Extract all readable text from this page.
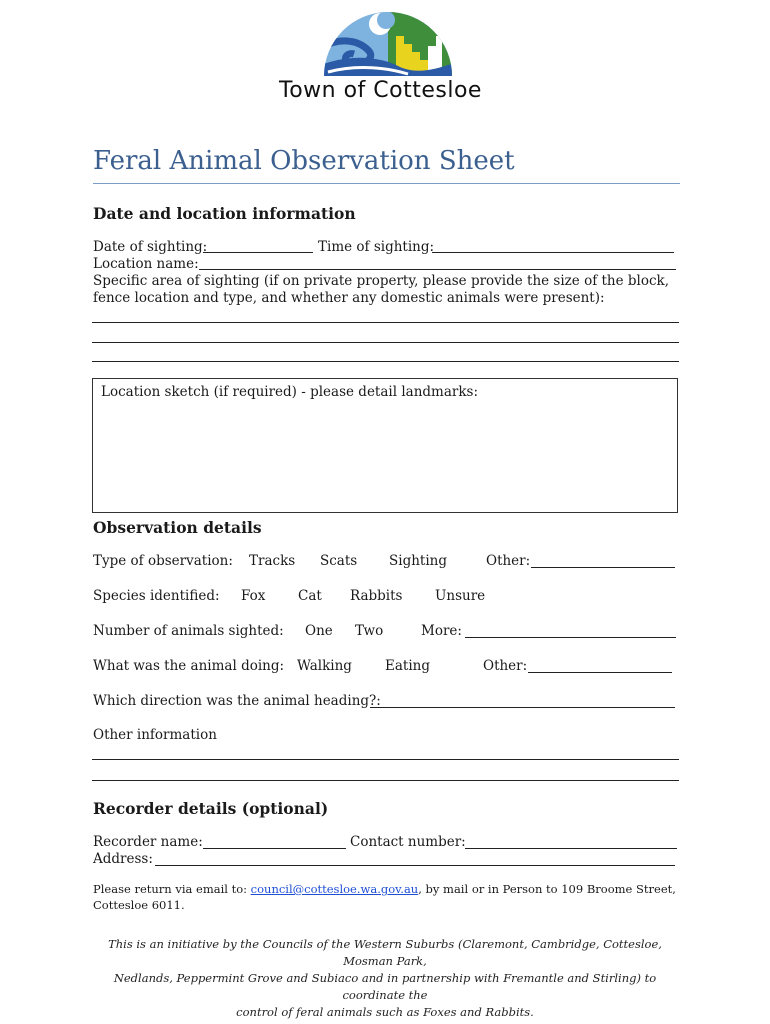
Town of Cottesloe
Feral Animal Observation Sheet
Date and location information
Date of sighting:	Time of sighting:
Location name:
Specific area of sighting (if on private property, please provide the size of the block,
fence location and type, and whether any domestic animals were present):
Location sketch (if required) - please detail landmarks:
Observation details
Type of observation: Tracks Scats Sighting	Other:
Species identified: Fox Cat Rabbits Unsure
Number of animals sighted: One Two	More:
What was the animal doing: Walking Eating	Other:
Which direction was the animal heading?:
Other information
Recorder details (optional)
Recorder name:	Contact number:
Address:
Please return via email to: council@cottesloe.wa.gov.au, by mail or in Person to 109 Broome Street,
Cottesloe 6011.
This is an initiative by the Councils of the Western Suburbs (Claremont, Cambridge, Cottesloe, Mosman Park,
Nedlands, Peppermint Grove and Subiaco and in partnership with Fremantle and Stirling) to coordinate the
control of feral animals such as Foxes and Rabbits.
